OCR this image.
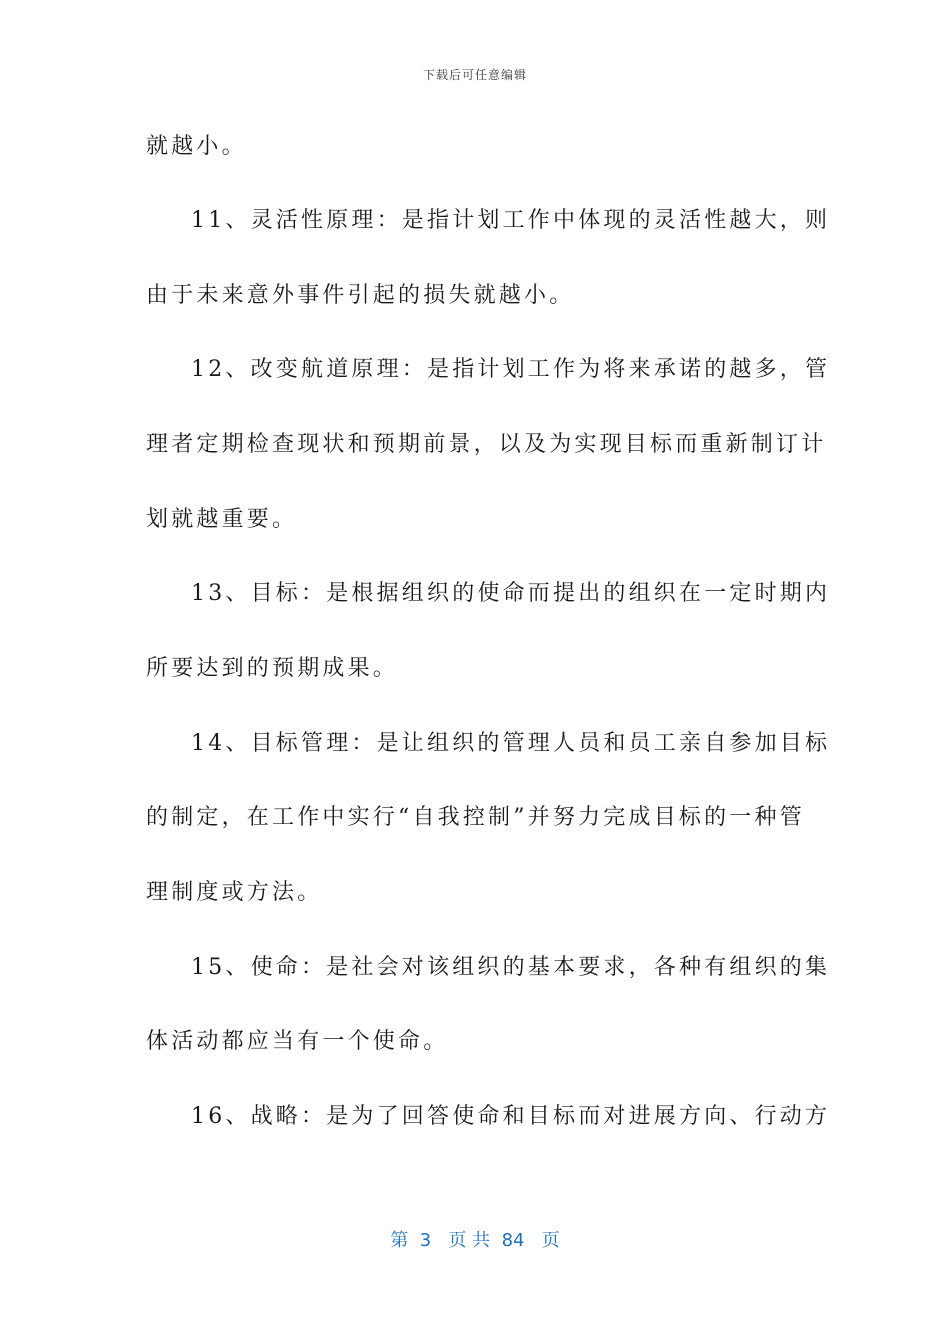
下载后可任意编辑
就越小。
11、灵活性原理：是指计划工作中体现的灵活性越大，则
由于未来意外事件引起的损失就越小。
12、改变航道原理：是指计划工作为将来承诺的越多，管
理者定期检查现状和预期前景，以及为实现目标而重新制订计
划就越重要。
13、目标：是根据组织的使命而提出的组织在一定时期内
所要达到的预期成果。
14、目标管理：是让组织的管理人员和员工亲自参加目标
的制定，在工作中实行“自我控制”并努力完成目标的一种管
理制度或方法。
15、使命：是社会对该组织的基本要求，各种有组织的集
体活动都应当有一个使命。
16、战略：是为了回答使命和目标而对进展方向、行动方
第  3   页 共  84   页
